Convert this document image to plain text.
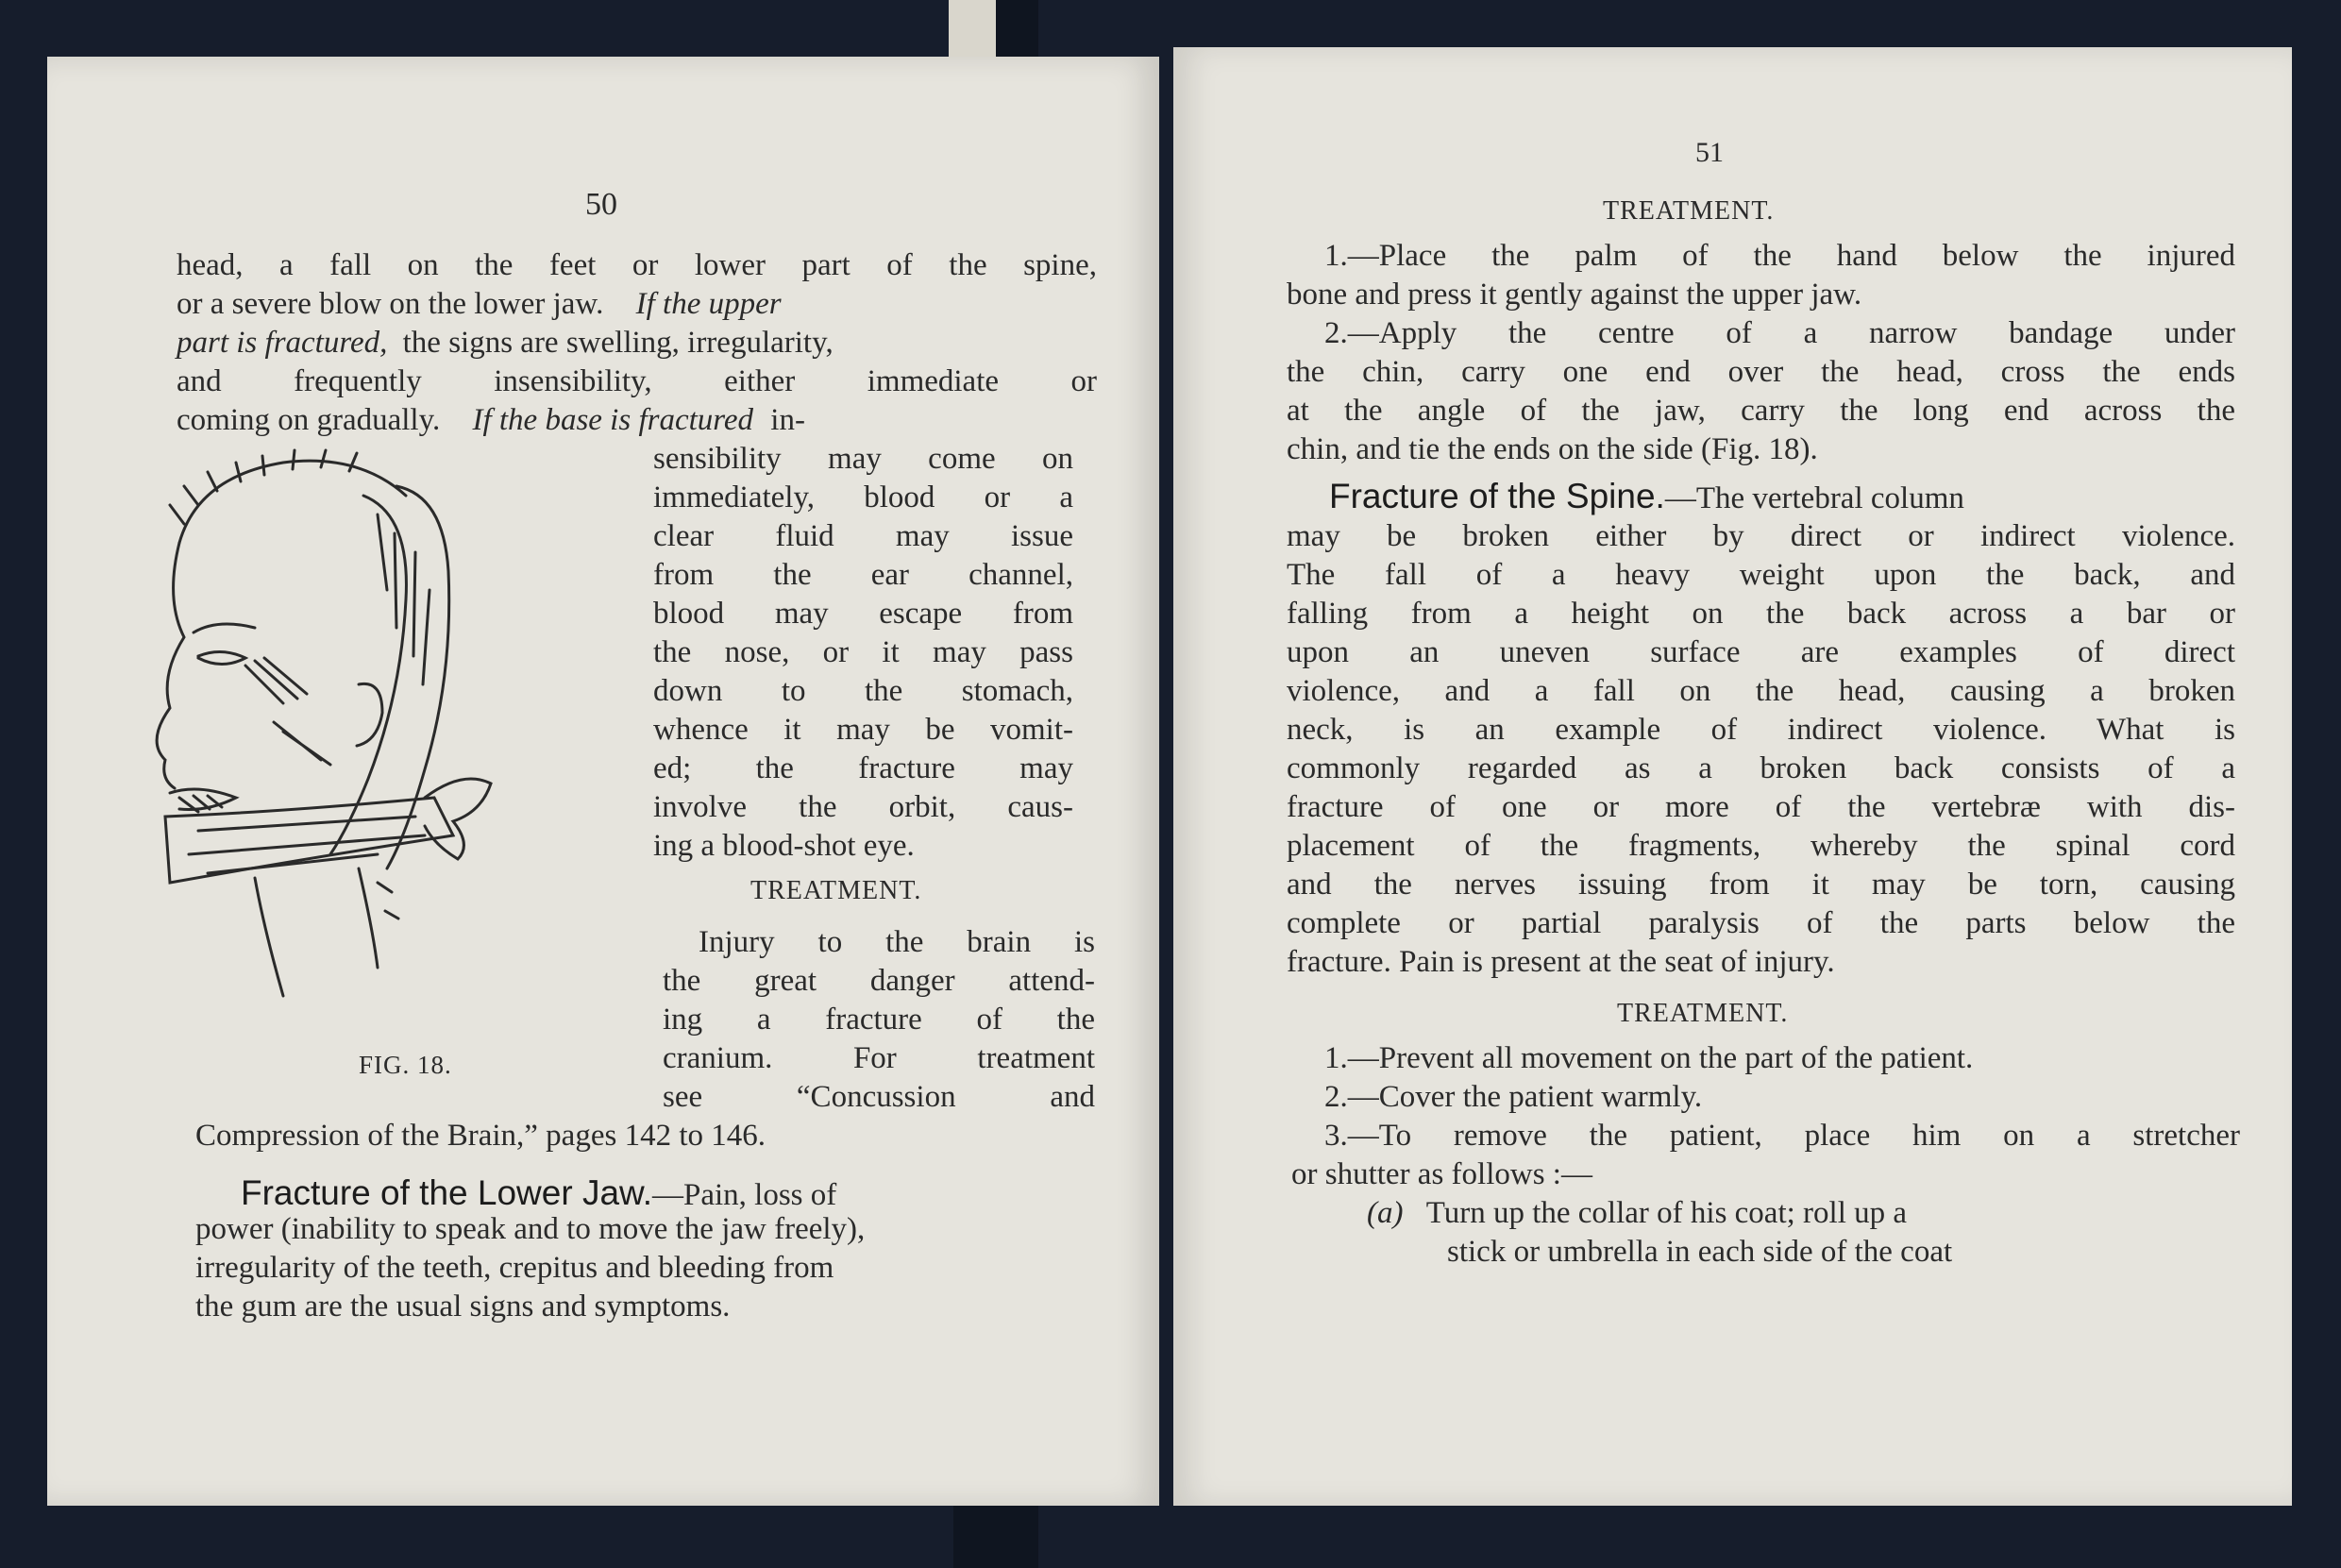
50
head, a fall on the feet or lower part of the spine,
or a severe blow on the lower jaw. If the upper
part is fractured, the signs are swelling, irregularity,
and frequently insensibility, either immediate or
coming on gradually. If the base is fractured in-
sensibility may come on
immediately, blood or a
clear fluid may issue
from the ear channel,
blood may escape from
the nose, or it may pass
down to the stomach,
whence it may be vomit-
ed; the fracture may
involve the orbit, caus-
ing a blood-shot eye.
TREATMENT.
Injury to the brain is
the great danger attend-
ing a fracture of the
cranium. For treatment
see “Concussion and
Compression of the Brain,” pages 142 to 146.
FIG. 18.
Fracture of the Lower Jaw.—Pain, loss of
power (inability to speak and to move the jaw freely),
irregularity of the teeth, crepitus and bleeding from
the gum are the usual signs and symptoms.
51
TREATMENT.
1.—Place the palm of the hand below the injured
bone and press it gently against the upper jaw.
2.—Apply the centre of a narrow bandage under
the chin, carry one end over the head, cross the ends
at the angle of the jaw, carry the long end across the
chin, and tie the ends on the side (Fig. 18).
Fracture of the Spine.—The vertebral column
may be broken either by direct or indirect violence.
The fall of a heavy weight upon the back, and
falling from a height on the back across a bar or
upon an uneven surface are examples of direct
violence, and a fall on the head, causing a broken
neck, is an example of indirect violence. What is
commonly regarded as a broken back consists of a
fracture of one or more of the vertebræ with dis-
placement of the fragments, whereby the spinal cord
and the nerves issuing from it may be torn, causing
complete or partial paralysis of the parts below the
fracture. Pain is present at the seat of injury.
TREATMENT.
1.—Prevent all movement on the part of the patient.
2.—Cover the patient warmly.
3.—To remove the patient, place him on a stretcher
or shutter as follows :—
(a) Turn up the collar of his coat; roll up a
stick or umbrella in each side of the coat
